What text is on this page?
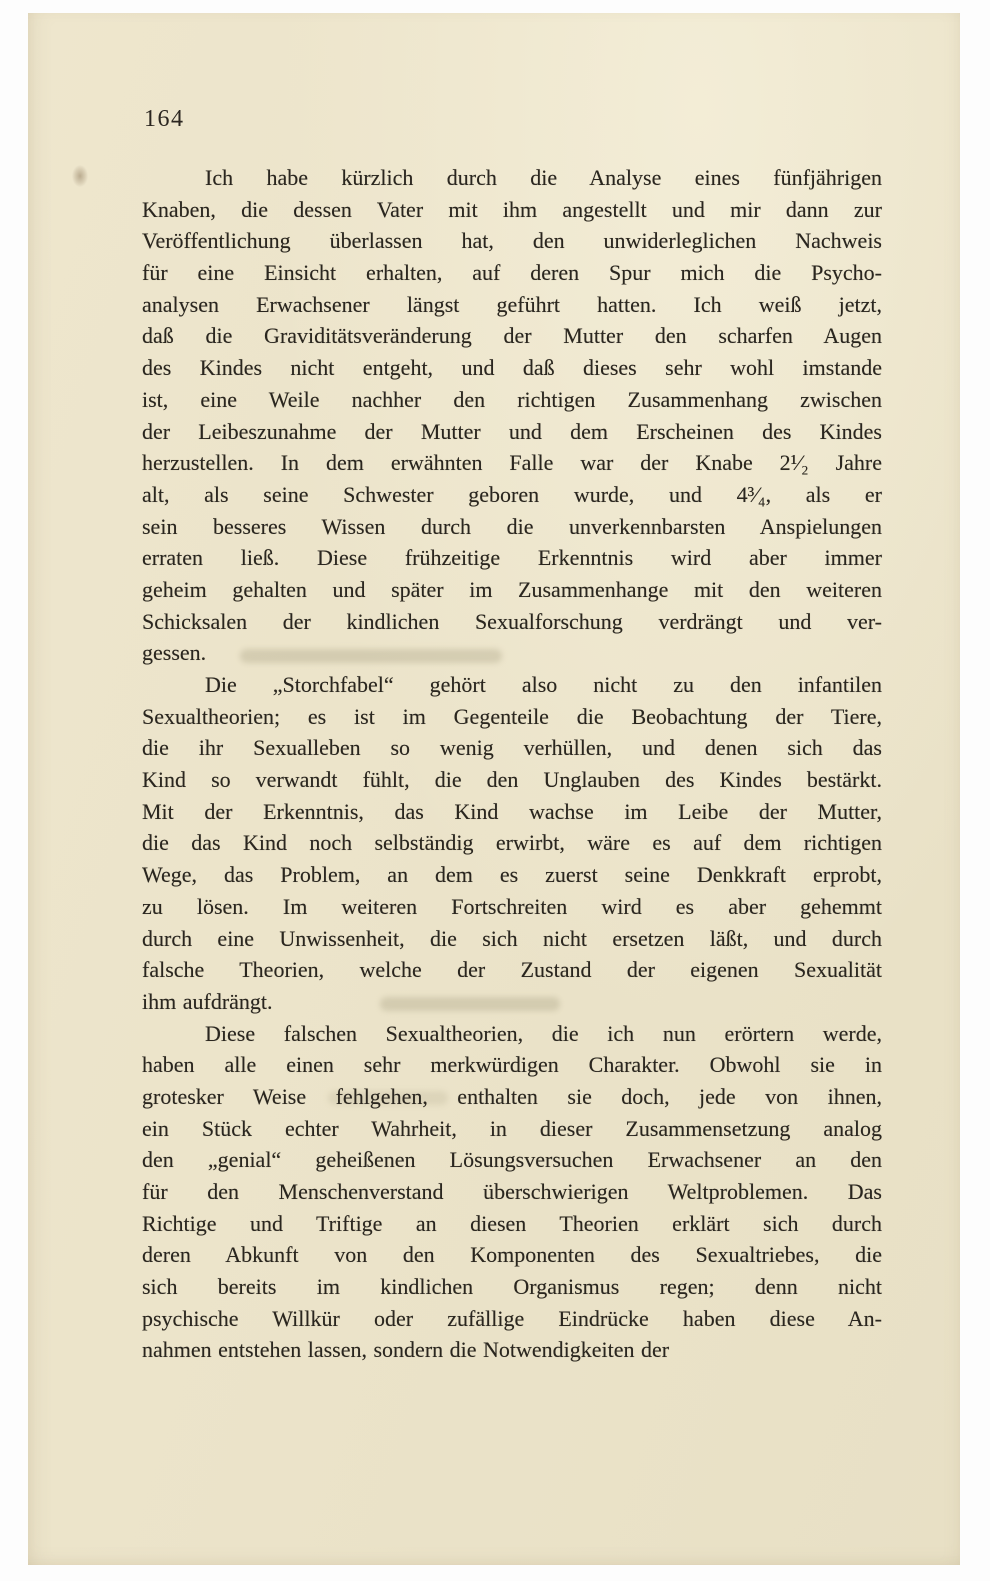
164

Ich habe kürzlich durch die Analyse eines fünfjährigen
Knaben, die dessen Vater mit ihm angestellt und mir dann zur
Veröffentlichung überlassen hat, den unwiderleglichen Nachweis
für eine Einsicht erhalten, auf deren Spur mich die Psycho-
analysen Erwachsener längst geführt hatten. Ich weiß jetzt,
daß die Graviditätsveränderung der Mutter den scharfen Augen
des Kindes nicht entgeht, und daß dieses sehr wohl imstande
ist, eine Weile nachher den richtigen Zusammenhang zwischen
der Leibeszunahme der Mutter und dem Erscheinen des Kindes
herzustellen. In dem erwähnten Falle war der Knabe 2¹⁄₂ Jahre
alt, als seine Schwester geboren wurde, und 4³⁄₄, als er
sein besseres Wissen durch die unverkennbarsten Anspielungen
erraten ließ. Diese frühzeitige Erkenntnis wird aber immer
geheim gehalten und später im Zusammenhange mit den weiteren
Schicksalen der kindlichen Sexualforschung verdrängt und ver-
gessen.

Die „Storchfabel“ gehört also nicht zu den infantilen
Sexualtheorien; es ist im Gegenteile die Beobachtung der Tiere,
die ihr Sexualleben so wenig verhüllen, und denen sich das
Kind so verwandt fühlt, die den Unglauben des Kindes bestärkt.
Mit der Erkenntnis, das Kind wachse im Leibe der Mutter,
die das Kind noch selbständig erwirbt, wäre es auf dem richtigen
Wege, das Problem, an dem es zuerst seine Denkkraft erprobt,
zu lösen. Im weiteren Fortschreiten wird es aber gehemmt
durch eine Unwissenheit, die sich nicht ersetzen läßt, und durch
falsche Theorien, welche der Zustand der eigenen Sexualität
ihm aufdrängt.

Diese falschen Sexualtheorien, die ich nun erörtern werde,
haben alle einen sehr merkwürdigen Charakter. Obwohl sie in
grotesker Weise fehlgehen, enthalten sie doch, jede von ihnen,
ein Stück echter Wahrheit, in dieser Zusammensetzung analog
den „genial“ geheißenen Lösungsversuchen Erwachsener an den
für den Menschenverstand überschwierigen Weltproblemen. Das
Richtige und Triftige an diesen Theorien erklärt sich durch
deren Abkunft von den Komponenten des Sexualtriebes, die
sich bereits im kindlichen Organismus regen; denn nicht
psychische Willkür oder zufällige Eindrücke haben diese An-
nahmen entstehen lassen, sondern die Notwendigkeiten der
